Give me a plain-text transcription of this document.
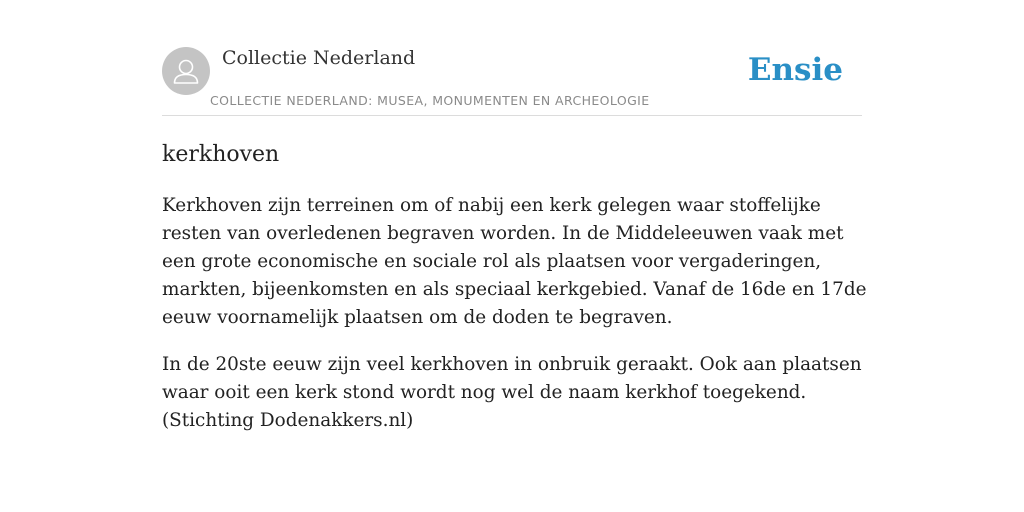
Collectie Nederland
COLLECTIE NEDERLAND: MUSEA, MONUMENTEN EN ARCHEOLOGIE
Ensie
kerkhoven

Kerkhoven zijn terreinen om of nabij een kerk gelegen waar stoffelijke resten van overledenen begraven worden. In de Middeleeuwen vaak met een grote economische en sociale rol als plaatsen voor vergaderingen, markten, bijeenkomsten en als speciaal kerkgebied. Vanaf de 16de en 17de eeuw voornamelijk plaatsen om de doden te begraven.

In de 20ste eeuw zijn veel kerkhoven in onbruik geraakt. Ook aan plaatsen waar ooit een kerk stond wordt nog wel de naam kerkhof toegekend. (Stichting Dodenakkers.nl)
